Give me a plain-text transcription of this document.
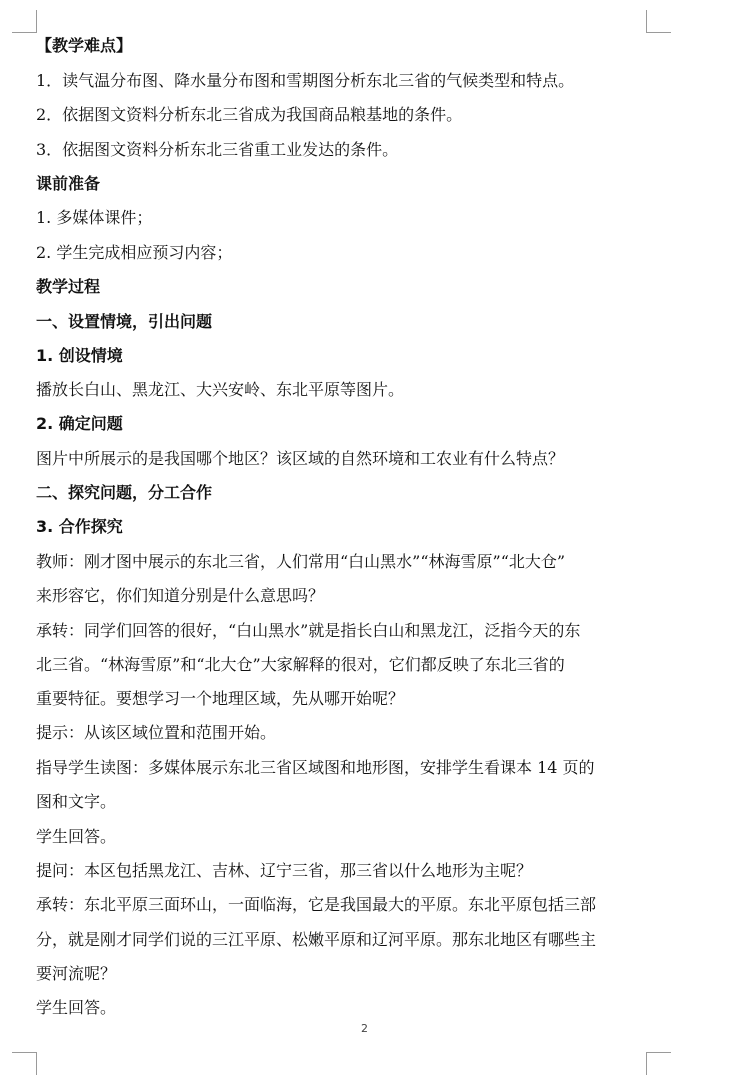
【教学难点】
1．读气温分布图、降水量分布图和雪期图分析东北三省的气候类型和特点。
2．依据图文资料分析东北三省成为我国商品粮基地的条件。
3．依据图文资料分析东北三省重工业发达的条件。
课前准备
1. 多媒体课件；
2. 学生完成相应预习内容；
教学过程
一、设置情境，引出问题
1. 创设情境
播放长白山、黑龙江、大兴安岭、东北平原等图片。
2. 确定问题
图片中所展示的是我国哪个地区？该区域的自然环境和工农业有什么特点？
二、探究问题，分工合作
3. 合作探究
教师：刚才图中展示的东北三省，人们常用“白山黑水”“林海雪原”“北大仓”
来形容它，你们知道分别是什么意思吗？
承转：同学们回答的很好，“白山黑水”就是指长白山和黑龙江，泛指今天的东
北三省。“林海雪原”和“北大仓”大家解释的很对，它们都反映了东北三省的
重要特征。要想学习一个地理区域，先从哪开始呢？
提示：从该区域位置和范围开始。
指导学生读图：多媒体展示东北三省区域图和地形图，安排学生看课本 14 页的
图和文字。
学生回答。
提问：本区包括黑龙江、吉林、辽宁三省，那三省以什么地形为主呢？
承转：东北平原三面环山，一面临海，它是我国最大的平原。东北平原包括三部
分，就是刚才同学们说的三江平原、松嫩平原和辽河平原。那东北地区有哪些主
要河流呢？
学生回答。
2
